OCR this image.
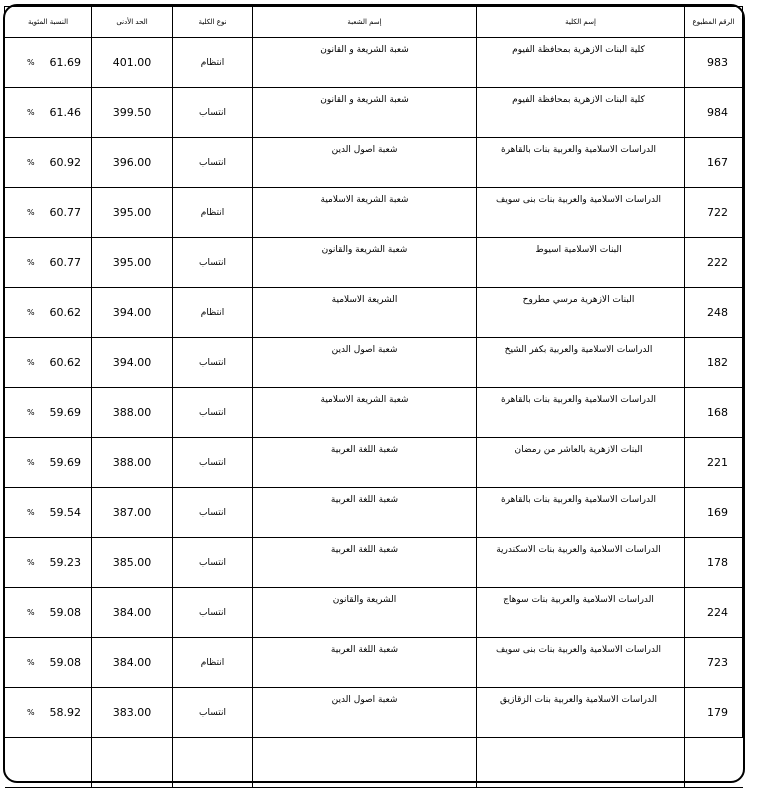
النسبة المئوية	الحد الأدنى	نوع الكلية	إسم الشعبة	إسم الكلية	الرقم المطبوع

% 61.69	401.00	انتظام	شعبة الشريعة و القانون	كلية البنات الازهرية بمحافظة الفيوم	983

% 61.46	399.50	انتساب	شعبة الشريعة و القانون	كلية البنات الازهرية بمحافظة الفيوم	984

% 60.92	396.00	انتساب	شعبة اصول الدين	الدراسات الاسلامية والعربية بنات بالقاهرة	167

% 60.77	395.00	انتظام	شعبة الشريعة الاسلامية	الدراسات الاسلامية والعربية بنات بنى سويف	722

% 60.77	395.00	انتساب	شعبة الشريعة والقانون	البنات الاسلامية اسيوط	222

% 60.62	394.00	انتظام	الشريعة الاسلامية	البنات الازهرية مرسي مطروح	248

% 60.62	394.00	انتساب	شعبة اصول الدين	الدراسات الاسلامية والعربية بكفر الشيخ	182

% 59.69	388.00	انتساب	شعبة الشريعة الاسلامية	الدراسات الاسلامية والعربية بنات بالقاهرة	168

% 59.69	388.00	انتساب	شعبة اللغة العربية	البنات الازهرية بالعاشر من رمضان	221

% 59.54	387.00	انتساب	شعبة اللغة العربية	الدراسات الاسلامية والعربية بنات بالقاهرة	169

% 59.23	385.00	انتساب	شعبة اللغة العربية	الدراسات الاسلامية والعربية بنات الاسكندرية	178

% 59.08	384.00	انتساب	الشريعة والقانون	الدراسات الاسلامية والعربية بنات سوهاج	224

% 59.08	384.00	انتظام	شعبة اللغة العربية	الدراسات الاسلامية والعربية بنات بنى سويف	723

% 58.92	383.00	انتساب	شعبة اصول الدين	الدراسات الاسلامية والعربية بنات الزقازيق	179
